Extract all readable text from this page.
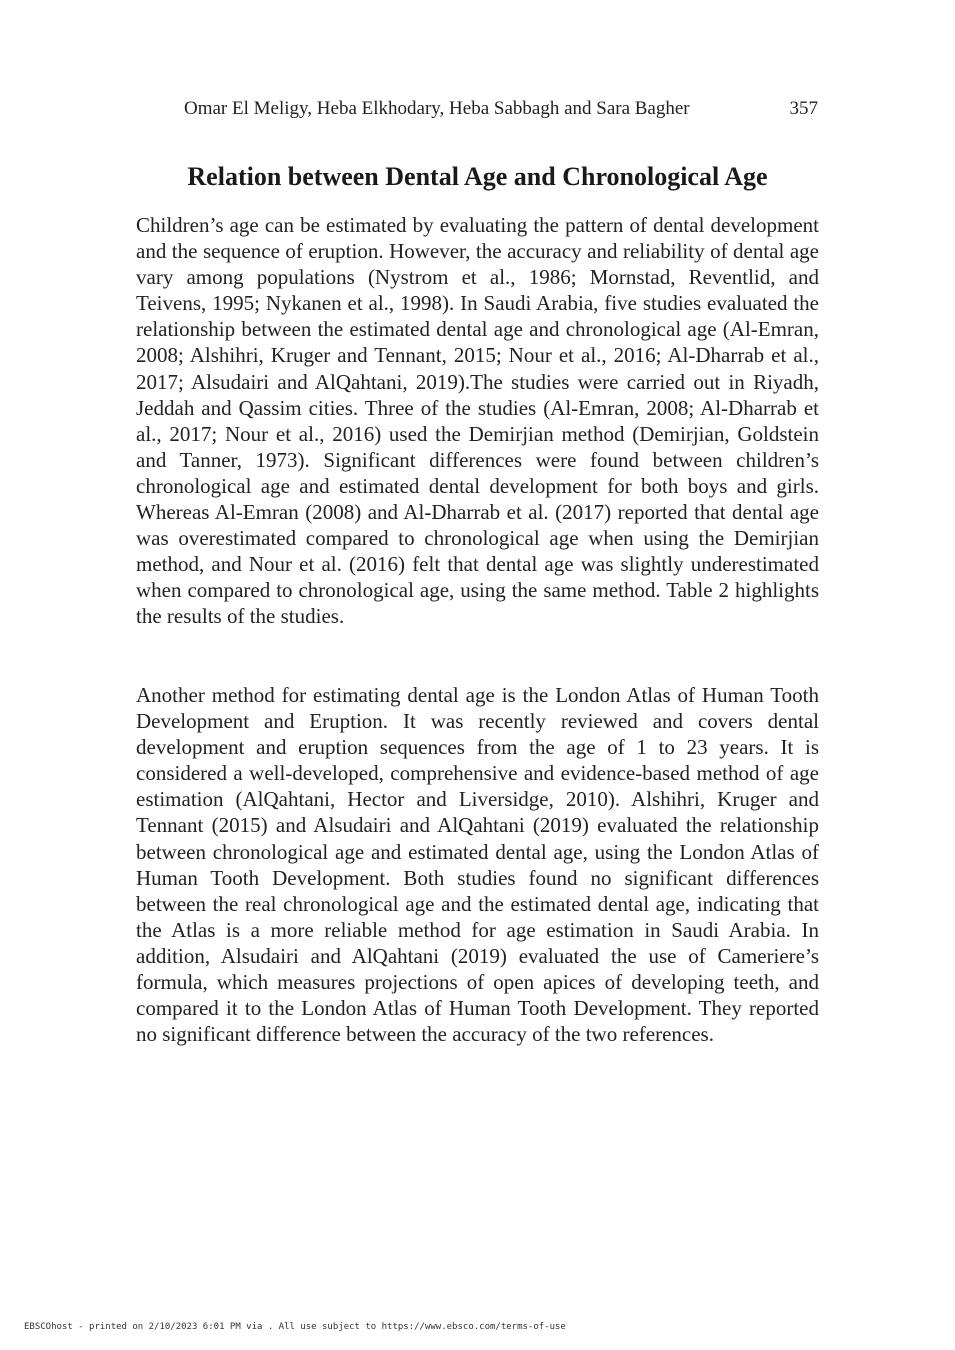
Omar El Meligy, Heba Elkhodary, Heba Sabbagh and Sara Bagher	357
Relation between Dental Age and Chronological Age

Children’s age can be estimated by evaluating the pattern of dental development and the sequence of eruption. However, the accuracy and reliability of dental age vary among populations (Nystrom et al., 1986; Mornstad, Reventlid, and Teivens, 1995; Nykanen et al., 1998). In Saudi Arabia, five studies evaluated the relationship between the estimated dental age and chronological age (Al-Emran, 2008; Alshihri, Kruger and Tennant, 2015; Nour et al., 2016; Al-Dharrab et al., 2017; Alsudairi and AlQahtani, 2019).The studies were carried out in Riyadh, Jeddah and Qassim cities. Three of the studies (Al-Emran, 2008; Al-Dharrab et al., 2017; Nour et al., 2016) used the Demirjian method (Demirjian, Goldstein and Tanner, 1973). Significant differences were found between children’s chronological age and estimated dental development for both boys and girls. Whereas Al-Emran (2008) and Al-Dharrab et al. (2017) reported that dental age was overestimated compared to chronological age when using the Demirjian method, and Nour et al. (2016) felt that dental age was slightly underestimated when compared to chronological age, using the same method. Table 2 highlights the results of the studies.

Another method for estimating dental age is the London Atlas of Human Tooth Development and Eruption. It was recently reviewed and covers dental development and eruption sequences from the age of 1 to 23 years. It is considered a well-developed, comprehensive and evidence-based method of age estimation (AlQahtani, Hector and Liversidge, 2010). Alshihri, Kruger and Tennant (2015) and Alsudairi and AlQahtani (2019) evaluated the relationship between chronological age and estimated dental age, using the London Atlas of Human Tooth Development. Both studies found no significant differences between the real chronological age and the estimated dental age, indicating that the Atlas is a more reliable method for age estimation in Saudi Arabia. In addition, Alsudairi and AlQahtani (2019) evaluated the use of Cameriere’s formula, which measures projections of open apices of developing teeth, and compared it to the London Atlas of Human Tooth Development. They reported no significant difference between the accuracy of the two references.

EBSCOhost - printed on 2/10/2023 6:01 PM via . All use subject to https://www.ebsco.com/terms-of-use
